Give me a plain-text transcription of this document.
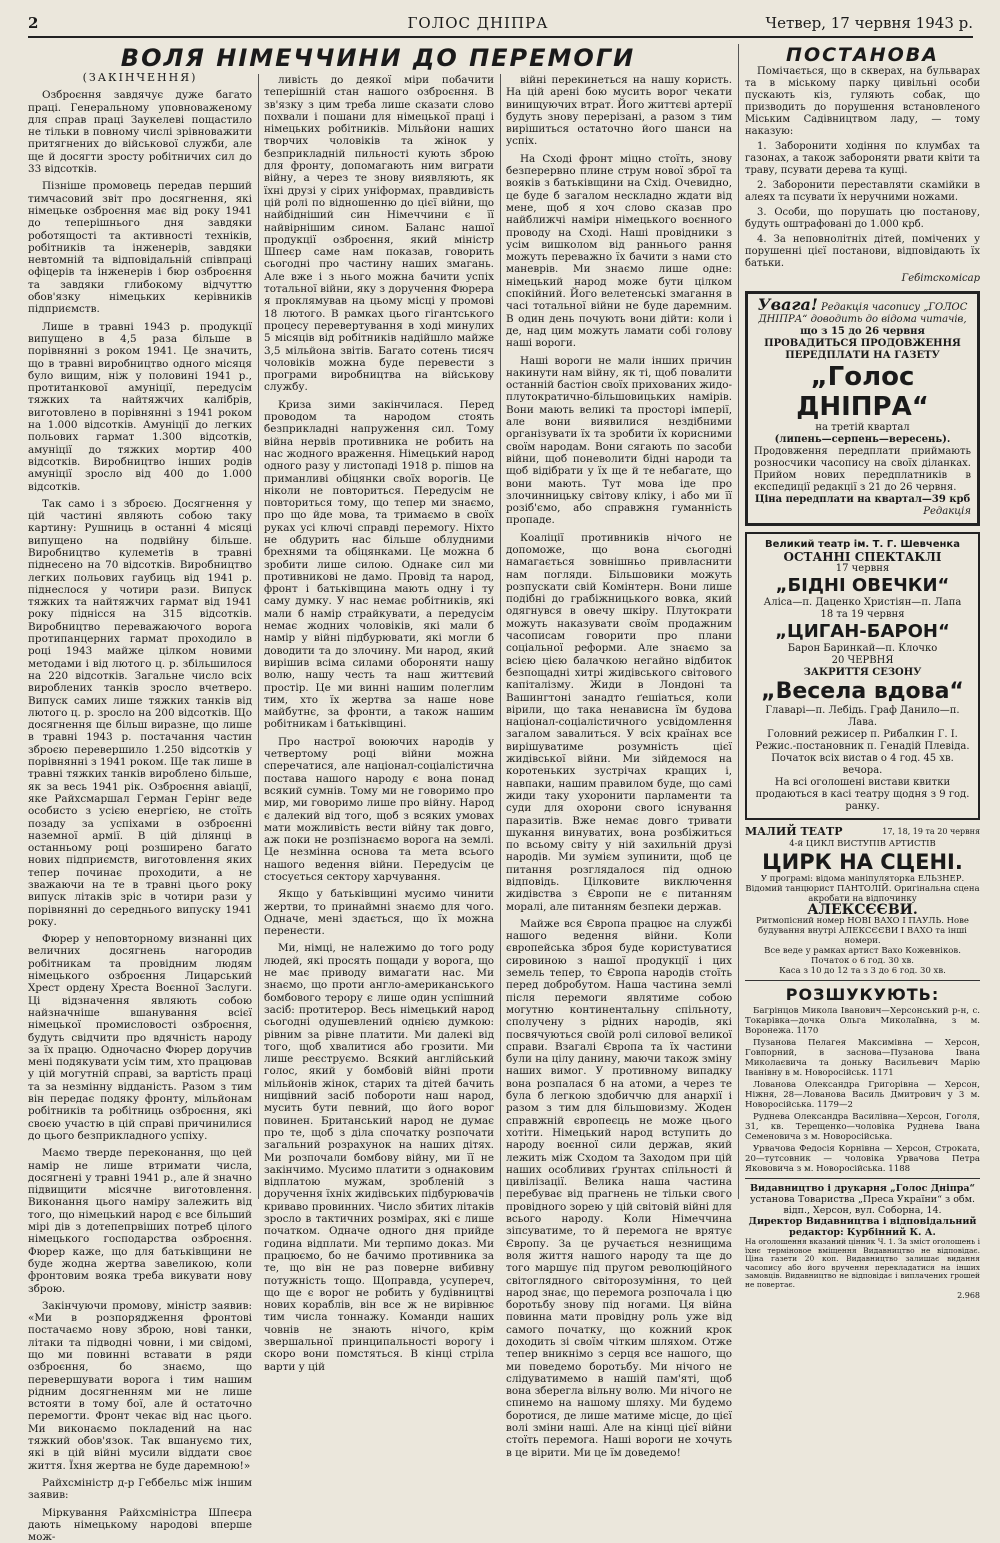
2	ГОЛОС ДНІПРА	Четвер, 17 червня 1943 р.
ВОЛЯ НІМЕЧЧИНИ ДО ПЕРЕМОГИ

(ЗАКІНЧЕННЯ)

Озброєння завдячує дуже багато праці. Генеральному уповноваженому для справ праці Заукелеві пощастило не тільки в повному числі зрівноважити притягнених до військової служби, але ще й досягти зросту робітничих сил до 33 відсотків.

Пізніше промовець передав перший тимчасовий звіт про досягнення, які німецьке озброєння має від року 1941 до теперішнього дня завдяки роботящості та активності техніків, робітників та інженерів, завдяки невтомній та відповідальній співпраці офіцерів та інженерів і бюр озброєння та завдяки глибокому відчуттю обов'язку німецьких керівників підприємств.

Лише в травні 1943 р. продукції випущено в 4,5 раза більше в порівнянні з роком 1941. Це значить, що в травні виробництво одного місяця було вищим, ніж у половині 1941 р., протитанкової амуніції, передусім тяжких та найтяжчих калібрів, виготовлено в порівнянні з 1941 роком на 1.000 відсотків. Амуніції до легких польових гармат 1.300 відсотків, амуніції до тяжких мортир 400 відсотків. Виробництво інших родів амуніції зросло від 400 до 1.000 відсотків.

Так само і з зброєю. Досягнення у цій частині являють собою таку картину: Рушниць в останні 4 місяці випущено на подвійну більше. Виробництво кулеметів в травні піднесено на 70 відсотків. Виробництво легких польових гаубиць від 1941 р. піднеслося у чотири рази. Випуск тяжких та найтяжчих гармат від 1941 року піднісся на 315 відсотків. Виробництво переважаючого ворога протипанцерних гармат проходило в році 1943 майже цілком новими методами і від лютого ц. р. збільшилося на 220 відсотків. Загальне число всіх вироблених танків зросло вчетверо. Випуск самих лише тяжких танків від лютого ц. р. зросло на 200 відсотків. Що досягнення ще більш виразне, що лише в травні 1943 р. постачання частин зброєю перевершило 1.250 відсотків у порівнянні з 1941 роком. Ще так лише в травні тяжких танків вироблено більше, як за весь 1941 рік. Озброєння авіації, яке Райхсмаршал Герман Герінг веде особисто з усією енергією, не стоїть позаду за успіхами в озброєнні наземної армії. В цій ділянці в останньому році розширено багато нових підприємств, виготовлення яких тепер починає проходити, а не зважаючи на те в травні цього року випуск літаків зріс в чотири рази у порівнянні до середнього випуску 1941 року.

Фюрер у неповторному визнанні цих величних досягнень нагородив робітникам та провідним людям німецького озброєння Лицарський Хрест ордену Хреста Воєнної Заслуги. Ці відзначення являють собою найзначніше вшанування всієї німецької промисловості озброєння, будуть свідчити про вдячність народу за їх працю. Одночасно Фюрер доручив мені подякувати усім тим, хто працював у цій могутній справі, за вартість праці та за незмінну відданість. Разом з тим він передає подяку фронту, мільйонам робітників та робітниць озброєння, які своєю участю в цій справі причинилися до цього безприкладного успіху.

Маємо тверде переконання, що цей намір не лише втримати числа, досягнені у травні 1941 р., але й значно підвищити місячне виготовлення. Виконання цього наміру залежить від того, що німецький народ є все більший мірі дів з дотепепрвіших потреб цілого німецького господарства озброєння. Фюрер каже, що для батьківщини не буде жодна жертва завеликою, коли фронтовим вояка треба викувати нову зброю.

Закінчуючи промову, міністр заявив: «Ми в розпорядження фронтові постачаємо нову зброю, нові танки, літаки та підводні човни, і ми свідомі, що ми повинні вставати в ряди озброєння, бо знаємо, що перевершувати ворога і тим нашим рідним досягненням ми не лише встояти в тому бої, але й остаточно перемогти. Фронт чекає від нас цього. Ми виконаємо покладений на нас тяжкий обов'язок. Так вшануємо тих, які в цій війні мусили віддати своє життя. Їхня жертва не буде даремною!»

Райхсміністр д-р Геббельс між іншим заявив:

Міркування Райхсміністра Шпеєра дають німецькому народові вперше мож-

ливість до деякої міри побачити теперішній стан нашого озброєння. В зв'язку з цим треба лише сказати слово похвали і пошани для німецької праці і німецьких робітників. Мільйони наших творчих чоловіків та жінок у безприкладній пильності кують зброю для фронту, допомагають ним виграти війну, а через те знову виявляють, як їхні друзі у сірих уніформах, правдивість цій ролі по відношенню до цієї війни, що найбідніший син Німеччини є її найвірнішим сином. Баланс нашої продукції озброєння, який міністр Шпеєр саме нам показав, говорить сьогодні про частину наших змагань. Але вже і з нього можна бачити успіх тотальної війни, яку з доручення Фюрера я проклямував на цьому місці у промові 18 лютого. В рамках цього гігантського процесу перевертування в ході минулих 5 місяців від робітників надійшло майже 3,5 мільйона звітів. Багато сотень тисяч чоловіків можна буде перевести з програми виробництва на військову службу.

Криза зими закінчилася. Перед проводом та народом стоять безприкладні напруження сил. Тому війна нервів противника не робить на нас жодного враження. Німецький народ одного разу у листопаді 1918 р. пішов на приманливі обіцянки своїх ворогів. Це ніколи не повториться. Передусім не повториться тому, що тепер ми знаємо, про що йде мова, та тримаємо в своїх руках усі ключі справді перемогу. Ніхто не обдурить нас більше облудними брехнями та обіцянками. Це можна б зробити лише силою. Однаке сил ми противникові не дамо. Провід та народ, фронт і батьківщина мають одну і ту саму думку. У нас немає робітників, які мали б намір страйкувати, а передусім немає жодних чоловіків, які мали б намір у війні підбурювати, які могли б доводити та до злочину. Ми народ, який вирішив всіма силами обороняти нашу волю, нашу честь та наш життєвий простір. Це ми винні нашим полеглим тим, хто їх жертва за наше нове майбутнє, за фронти, а також нашим робітникам і батьківщині.

Про настрої воюючих народів у четвертому році війни можна сперечатися, але націонал-соціалістична постава нашого народу є вона понад всякий сумнів. Тому ми не говоримо про мир, ми говоримо лише про війну. Народ є далекий від того, щоб з всяких умовах мати можливість вести війну так довго, аж поки не розпізнаємо ворога на землі. Це незмінна основа та мета всього нашого ведення війни. Передусім це стосується сектору харчування.

Якщо у батьківщині мусимо чинити жертви, то принаймні знаємо для чого. Одначе, мені здається, що їх можна перенести.

Ми, німці, не належимо до того роду людей, які просять пощади у ворога, що не має приводу вимагати нас. Ми знаємо, що проти англо-американського бомбового терору є лише один успішний засіб: протитерор. Весь німецький народ сьогодні одушевлений однією думкою: рівним за рівне платити. Ми далекі від того, щоб хвалитися або грозити. Ми лише реєструємо. Всякий англійський голос, який у бомбовій війні проти мільйонів жінок, старих та дітей бачить нищівний засіб побороти наш народ, мусить бути певний, що його ворог повинен. Британський народ не думає про те, щоб з діла спочатку розпочати загальний розрахунок на наших дітях. Ми розпочали бомбову війну, ми її не закінчимо. Мусимо платити з однаковим відплатою мужам, зробленій з доручення їхніх жидівських підбурювачів криваво провинних. Число збитих літаків зросло в тактичних розмірах, які є лише початком. Одначе одного дня прийде година відплати. Ми терпимо доказ. Ми працюємо, бо не бачимо противника за те, що він не раз поверне вибивну потужність тощо. Щоправда, усупереч, що ще є ворог не робить у будівництві нових кораблів, він все ж не вирівнює тим числа тоннажу. Команди наших човнів не знають нічого, крім звершальної принципальності ворогу і скоро вони помстяться. В кінці стріла варти у цій

війні перекинеться на нашу користь. На цій арені бою мусить ворог чекати винищуючих втрат. Його життєві артерії будуть знову перерізані, а разом з тим вирішиться остаточно його шанси на успіх.

На Сході фронт міцно стоїть, знову безперервно плине струм нової зброї та вояків з батьківщини на Схід. Очевидно, це буде б загалом нескладно ждати від мене, щоб я хоч слово сказав про найближчі наміри німецького воєнного проводу на Сході. Наші провідники з усім вишколом від раннього рання можуть переважно їх бачити з нами сто маневрів. Ми знаємо лише одне: німецький народ може бути цілком спокійний. Його велетенські змагання в часі тотальної війни не буде даремним. В один день почують вони дійти: коли і де, над цим можуть ламати собі голову наші вороги.

Наші вороги не мали інших причин накинути нам війну, як ті, щоб повалити останній бастіон своїх прихованих жидо-плутократично-більшовицьких намірів. Вони мають великі та просторі імперії, але вони виявилися нездібними організувати їх та зробити їх корисними своїм народам. Вони сягають по засоби війни, щоб поневолити бідні народи та щоб відібрати у їх ще й те небагате, що вони мають. Тут мова іде про злочинницьку світову кліку, і або ми її розіб'ємо, або справжня гуманність пропаде.

Коаліції противників нічого не допоможе, що вона сьогодні намагається зовнішньо привласнити нам погляди. Більшовики можуть розпускати свій Комінтерн. Вони лише подібні до грабіжницького вовка, який одягнувся в овечу шкіру. Плутократи можуть наказувати своїм продажним часописам говорити про плани соціальної реформи. Але знаємо за всією цією балачкою негайно відбиток безпощадні хитрі жидівського світового капіталізму. Жиди в Лондоні та Вашингтоні занадто ґешіаться, коли вірили, що така ненависна їм будова націонал-соціалістичного усвідомлення загалом завалиться. У всіх країнах все вирішуватиме розумність цієї жидівської війни. Ми зійдемося на коротеньких зустрічах кращих і, навпаки, нашим правилом буде, що самі жиди таку ухоронити парламенти та суди для охорони свого існування паразитів. Вже немає довго тривати шукання винуватих, вона розбіжиться по всьому світу у ній захильній друзі народів. Ми зумієм зупинити, щоб це питання розглядалося під одною відповідь. Цілковите виключення жидівства з Європи не є питанням моралі, але питанням безпеки держав.

Майже вся Європа працює на службі нашого ведення війни. Коли європейська зброя буде користуватися сировиною з нашої продукції і цих земель тепер, то Європа народів стоїть перед добробутом. Наша частина землі після перемоги являтиме собою могутню континентальну спільноту, сполучену з рідних народів, які посвячуються своїй ролі силової великої справи. Взагалі Європа та їх частини були на цілу данину, маючи також зміну наших вимог. У противному випадку вона розпалася б на атоми, а через те була б легкою здобиччю для анархії і разом з тим для більшовизму. Жоден справжній європеєць не може цього хотіти. Німецький народ вступить до народу воєнної сили держав, який лежить між Сходом та Заходом при цій наших особливих ґрунтах спільності й цивілізації. Велика наша частина перебуває від прагнень не тільки свого провідного зорею у цій світовій війні для всього народу. Коли Німеччина зіпсуватиме, то й перемога не врятує Європу. За це ручається незнищима воля життя нашого народу та ще до того маршує під пругом революційного світоглядного світорозуміння, то цей народ знає, що перемога розпочала і цю боротьбу знову під ногами. Ця війна повинна мати провідну роль уже від самого початку, що кожний крок доходить зі своїм чітким шляхом. Отже тепер вникнімо з серця все нашого, що ми поведемо боротьбу. Ми нічого не слідуватимемо в нашій пам'яті, щоб вона зберегла вільну волю. Ми нічого не спинемо на нашому шляху. Ми будемо боротися, де лише матиме місце, до цієї волі зміни наші. Але на кінці цієї війни стоїть перемога. Наші вороги не хочуть в це вірити. Ми це їм доведемо!

ПОСТАНОВА

Помічається, що в скверах, на бульварах та в міському парку цивільні особи пускають кіз, гуляють собак, що призводить до порушення встановленого Міським Садівництвом ладу, — тому наказую:

1. Заборонити ходіння по клумбах та газонах, а також забороняти рвати квіти та траву, псувати дерева та кущі.

2. Заборонити переставляти скамійки в алеях та псувати їх неручними ножами.

3. Особи, що порушать цю постанову, будуть оштрафовані до 1.000 крб.

4. За неповнолітніх дітей, помічених у порушенні цієї постанови, відповідають їх батьки.

Гебітскомісар
Увага! Редакція часопису „ГОЛОС ДНІПРА“ доводить до відома читачів,
що з 15 до 26 червня
ПРОВАДИТЬСЯ ПРОДОВЖЕННЯ ПЕРЕДПЛАТИ НА ГАЗЕТУ
„Голос ДНІПРА“
на третій квартал
(липень—серпень—вересень).
Продовження передплати приймають розносчики часопису на своїх діланках. Прийом нових передплатників в експедиції редакції з 21 до 26 червня.
Ціна передплати на квартал—39 крб
Редакція
Великий театр ім. Т. Г. Шевченка
ОСТАННІ СПЕКТАКЛІ
17 червня
„БІДНІ ОВЕЧКИ“
Аліса—п. Даценко Христіян—п. Лапа
18 та 19 червня
„ЦИГАН-БАРОН“
Барон Баринкай—п. Клочко
20 ЧЕРВНЯ
ЗАКРИТТЯ СЕЗОНУ
„Весела вдова“
Главарі—п. Лебідь. Граф Данило—п. Лава.
Головний режисер п. Рибалкин Г. І.
Режис.-постановник п. Генадій Плевіда.
Початок всіх вистав о 4 год. 45 хв. вечора.
На всі оголошені вистави квитки продаються в касі театру щодня з 9 год. ранку.
МАЛИЙ ТЕАТР	17, 18, 19 та 20 червня
4-й ЦИКЛ ВИСТУПІВ АРТИСТІВ
ЦИРК НА СЦЕНІ.
У програмі: відома маніпуляторка ЕЛЬЗНЕР. Відомий танцюрист ПАНТОЛІЙ. Оригінальна сцена акробати на відпочинку
АЛЕКСЄЄВИ.
Ритмопісний номер НОВІ ВАХО І ПАУЛЬ. Нове будування внутрі АЛЕКСЄЄВИ І ВАХО та інші номери.
Все веде у рамках артист Вахо Кожевніков.
Початок о 6 год. 30 хв.
Каса з 10 до 12 та з 3 до 6 год. 30 хв.
РОЗШУКУЮТЬ:

Багрінцов Микола Іванович—Херсонський р-н, с. Токарівка—дочка Ольга Миколаївна, з м. Воронежа. 1170

Пузанова Пелагея Максимівна — Херсон, Говпорний, в заснова—Пузанова Івана Миколаєвича та доньку Васильевич Марію Іванівну в м. Новоросійськ. 1171

Лованова Олександра Григорівна — Херсон, Ніжня, 28—Лованова Василь Дмитрович у 3 м. Новоросійська. 1179—2

Руднева Олександра Василівна—Херсон, Гоголя, 31, кв. Терещенко—чоловіка Руднева Івана Семеновича з м. Новоросійська.

Урвачова Федосія Корнівна — Херсон, Строката, 20—тутсовник — чоловіка Урвачова Петра Якововича з м. Новоросійська. 1188

Видавництво і друкарня „Голос Дніпра“
установа Товариства „Преса України“ з обм. відп., Херсон, вул. Соборна, 14.
Директор Видавництва і відповідальний редактор: Курбінний К. А.
На оголошення вказаний цінник Ч. 1. За зміст оголошень і їхнє терміновое вміщення Видавництво не відповідає. Ціна газети 20 коп. Видавництво залишає видання часопису або його вручення перекладатися на інших замовців. Видавництво не відповідає і виплачених грошей не повертає.
2.968
